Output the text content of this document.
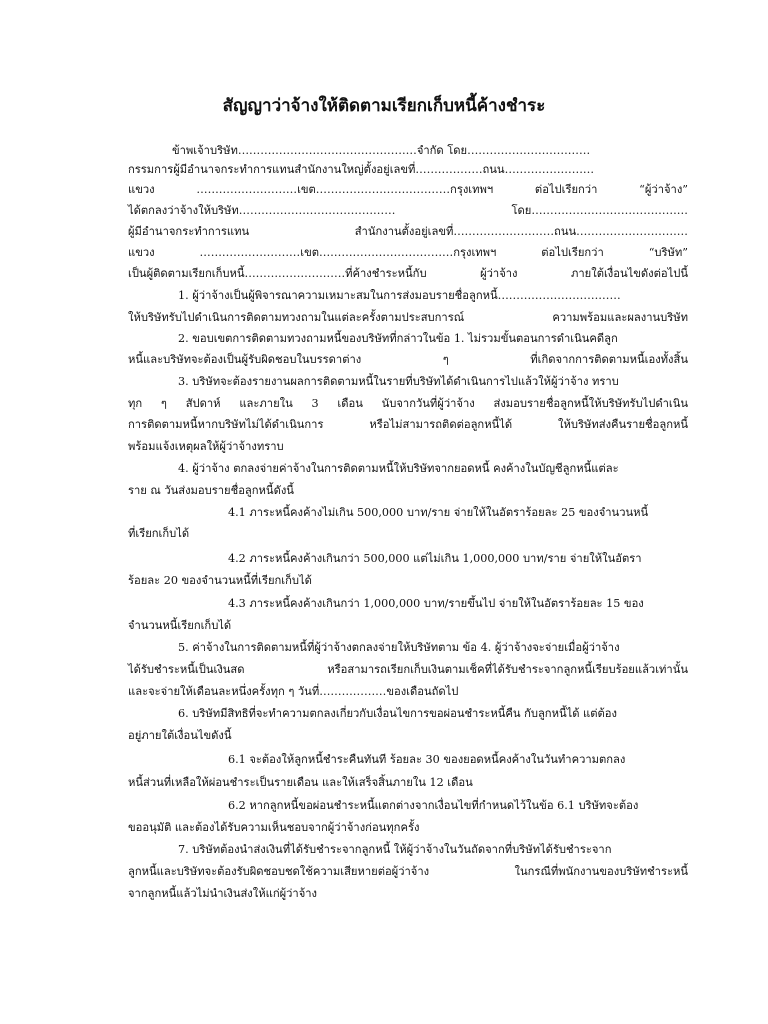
สัญญาว่าจ้างให้ติดตามเรียกเก็บหนี้ค้างชำระ
ข้าพเจ้าบริษัท…………………………………………จำกัด โดย……………………………
กรรมการผู้มีอำนาจกระทำการแทนสำนักงานใหญ่ตั้งอยู่เลขที่………………ถนน……………………
แขวง ………………………เขต………………………………กรุงเทพฯ ต่อไปเรียกว่า “ผู้ว่าจ้าง”
ได้ตกลงว่าจ้างให้บริษัท…………………………………… โดย……………………………………
ผู้มีอำนาจกระทำการแทน สำนักงานตั้งอยู่เลขที่………………………ถนน…………………………
แขวง ………………………เขต………………………………กรุงเทพฯ ต่อไปเรียกว่า “บริษัท”
เป็นผู้ติดตามเรียกเก็บหนี้………………………ที่ค้างชำระหนี้กับ ผู้ว่าจ้าง ภายใต้เงื่อนไขดังต่อไปนี้
1. ผู้ว่าจ้างเป็นผู้พิจารณาความเหมาะสมในการส่งมอบรายชื่อลูกหนี้……………………………
ให้บริษัทรับไปดำเนินการติดตามทวงถามในแต่ละครั้งตามประสบการณ์ ความพร้อมและผลงานบริษัท
2. ขอบเขตการติดตามทวงถามหนี้ของบริษัทที่กล่าวในข้อ 1. ไม่รวมขั้นตอนการดำเนินคดีลูก
หนี้และบริษัทจะต้องเป็นผู้รับผิดชอบในบรรดาต่าง ๆ ที่เกิดจากการติดตามหนี้เองทั้งสิ้น
3. บริษัทจะต้องรายงานผลการติดตามหนี้ในรายที่บริษัทได้ดำเนินการไปแล้วให้ผู้ว่าจ้าง ทราบ
ทุก ๆ สัปดาห์ และภายใน 3 เดือน นับจากวันที่ผู้ว่าจ้าง ส่งมอบรายชื่อลูกหนี้ให้บริษัทรับไปดำเนิน
การติดตามหนี้หากบริษัทไม่ได้ดำเนินการ หรือไม่สามารถติดต่อลูกหนี้ได้ ให้บริษัทส่งคืนรายชื่อลูกหนี้
พร้อมแจ้งเหตุผลให้ผู้ว่าจ้างทราบ
4. ผู้ว่าจ้าง ตกลงจ่ายค่าจ้างในการติดตามหนี้ให้บริษัทจากยอดหนี้ คงค้างในบัญชีลูกหนี้แต่ละ
ราย ณ วันส่งมอบรายชื่อลูกหนี้ดังนี้
4.1 ภาระหนี้คงค้างไม่เกิน 500,000 บาท/ราย จ่ายให้ในอัตราร้อยละ 25 ของจำนวนหนี้
ที่เรียกเก็บได้
4.2 ภาระหนี้คงค้างเกินกว่า 500,000 แต่ไม่เกิน 1,000,000 บาท/ราย จ่ายให้ในอัตรา
ร้อยละ 20 ของจำนวนหนี้ที่เรียกเก็บได้
4.3 ภาระหนี้คงค้างเกินกว่า 1,000,000 บาท/รายขึ้นไป จ่ายให้ในอัตราร้อยละ 15 ของ
จำนวนหนี้เรียกเก็บได้
5. ค่าจ้างในการติดตามหนี้ที่ผู้ว่าจ้างตกลงจ่ายให้บริษัทตาม ข้อ 4. ผู้ว่าจ้างจะจ่ายเมื่อผู้ว่าจ้าง
ได้รับชำระหนี้เป็นเงินสด หรือสามารถเรียกเก็บเงินตามเช็คที่ได้รับชำระจากลูกหนี้เรียบร้อยแล้วเท่านั้น
และจะจ่ายให้เดือนละหนึ่งครั้งทุก ๆ วันที่………………ของเดือนถัดไป
6. บริษัทมีสิทธิที่จะทำความตกลงเกี่ยวกับเงื่อนไขการขอผ่อนชำระหนี้คืน กับลูกหนี้ได้ แต่ต้อง
อยู่ภายใต้เงื่อนไขดังนี้
6.1 จะต้องให้ลูกหนี้ชำระคืนทันที ร้อยละ 30 ของยอดหนี้คงค้างในวันทำความตกลง
หนี้ส่วนที่เหลือให้ผ่อนชำระเป็นรายเดือน และให้เสร็จสิ้นภายใน 12 เดือน
6.2 หากลูกหนี้ขอผ่อนชำระหนี้แตกต่างจากเงื่อนไขที่กำหนดไว้ในข้อ 6.1 บริษัทจะต้อง
ขออนุมัติ และต้องได้รับความเห็นชอบจากผู้ว่าจ้างก่อนทุกครั้ง
7. บริษัทต้องนำส่งเงินที่ได้รับชำระจากลูกหนี้ ให้ผู้ว่าจ้างในวันถัดจากที่บริษัทได้รับชำระจาก
ลูกหนี้และบริษัทจะต้องรับผิดชอบชดใช้ความเสียหายต่อผู้ว่าจ้าง ในกรณีที่พนักงานของบริษัทชำระหนี้
จากลูกหนี้แล้วไม่นำเงินส่งให้แก่ผู้ว่าจ้าง
